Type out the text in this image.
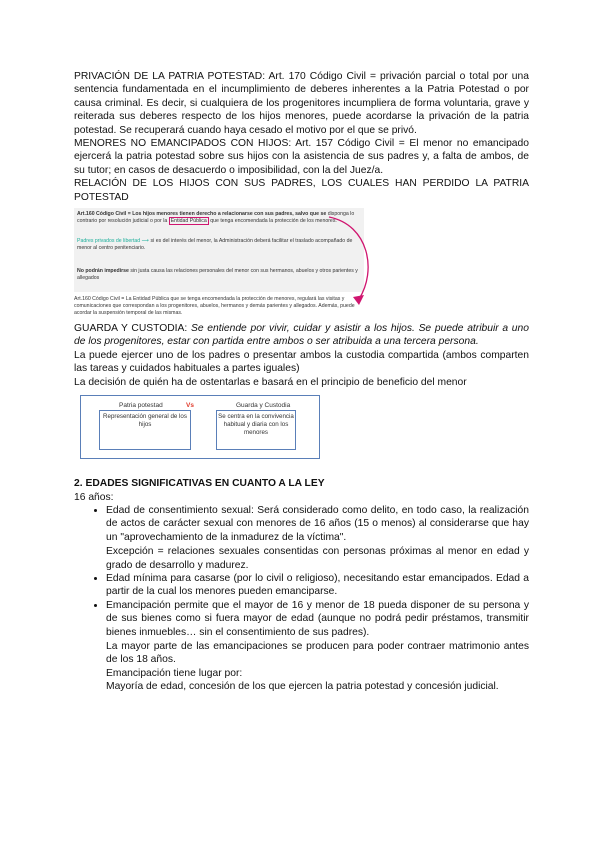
PRIVACIÓN DE LA PATRIA POTESTAD: Art. 170 Código Civil = privación parcial o total por una sentencia fundamentada en el incumplimiento de deberes inherentes a la Patria Potestad o por causa criminal. Es decir, si cualquiera de los progenitores incumpliera de forma voluntaria, grave y reiterada sus deberes respecto de los hijos menores, puede acordarse la privación de la patria potestad. Se recuperará cuando haya cesado el motivo por el que se privó.

MENORES NO EMANCIPADOS CON HIJOS: Art. 157 Código Civil = El menor no emancipado ejercerá la patria potestad sobre sus hijos con la asistencia de sus padres y, a falta de ambos, de su tutor; en casos de desacuerdo o imposibilidad, con la del Juez/a.

RELACIÓN DE LOS HIJOS CON SUS PADRES, LOS CUALES HAN PERDIDO LA PATRIA POTESTAD

Art.160 Código Civil = Los hijos menores tienen derecho a relacionarse con sus padres, salvo que se disponga lo contrario por resolución judicial o por la Entidad Pública que tenga encomendada la protección de los menores.
Padres privados de libertad ⟶ si es del interés del menor, la Administración deberá facilitar el traslado acompañado de menor al centro penitenciario.
No podrán impedirse sin justa causa las relaciones personales del menor con sus hermanos, abuelos y otros parientes y allegados
Art.160 Código Civil = La Entidad Pública que se tenga encomendada la protección de menores, regulará las visitas y comunicaciones que correspondan a los progenitores, abuelos, hermanos y demás parientes y allegados. Además, puede acordar la suspensión temporal de las mismas.

GUARDA Y CUSTODIA: Se entiende por vivir, cuidar y asistir a los hijos. Se puede atribuir a uno de los progenitores, estar con partida entre ambos o ser atribuida a una tercera persona.

La puede ejercer uno de los padres o presentar ambos la custodia compartida (ambos comparten las tareas y cuidados habituales a partes iguales)

La decisión de quién ha de ostentarlas e basará en el principio de beneficio del menor

Patria potestad	Vs	Guarda y Custodia
Representación general de los hijos
Se centra en la convivencia habitual y diaria con los menores

2. EDADES SIGNIFICATIVAS EN CUANTO A LA LEY

16 años:

• Edad de consentimiento sexual: Será considerado como delito, en todo caso, la realización de actos de carácter sexual con menores de 16 años (15 o menos) al considerarse que hay un "aprovechamiento de la inmadurez de la víctima".

Excepción = relaciones sexuales consentidas con personas próximas al menor en edad y grado de desarrollo y madurez.

• Edad mínima para casarse (por lo civil o religioso), necesitando estar emancipados. Edad a partir de la cual los menores pueden emanciparse.
• Emancipación permite que el mayor de 16 y menor de 18 pueda disponer de su persona y de sus bienes como si fuera mayor de edad (aunque no podrá pedir préstamos, transmitir bienes inmuebles… sin el consentimiento de sus padres).

La mayor parte de las emancipaciones se producen para poder contraer matrimonio antes de los 18 años.

Emancipación tiene lugar por:

Mayoría de edad, concesión de los que ejercen la patria potestad y concesión judicial.
